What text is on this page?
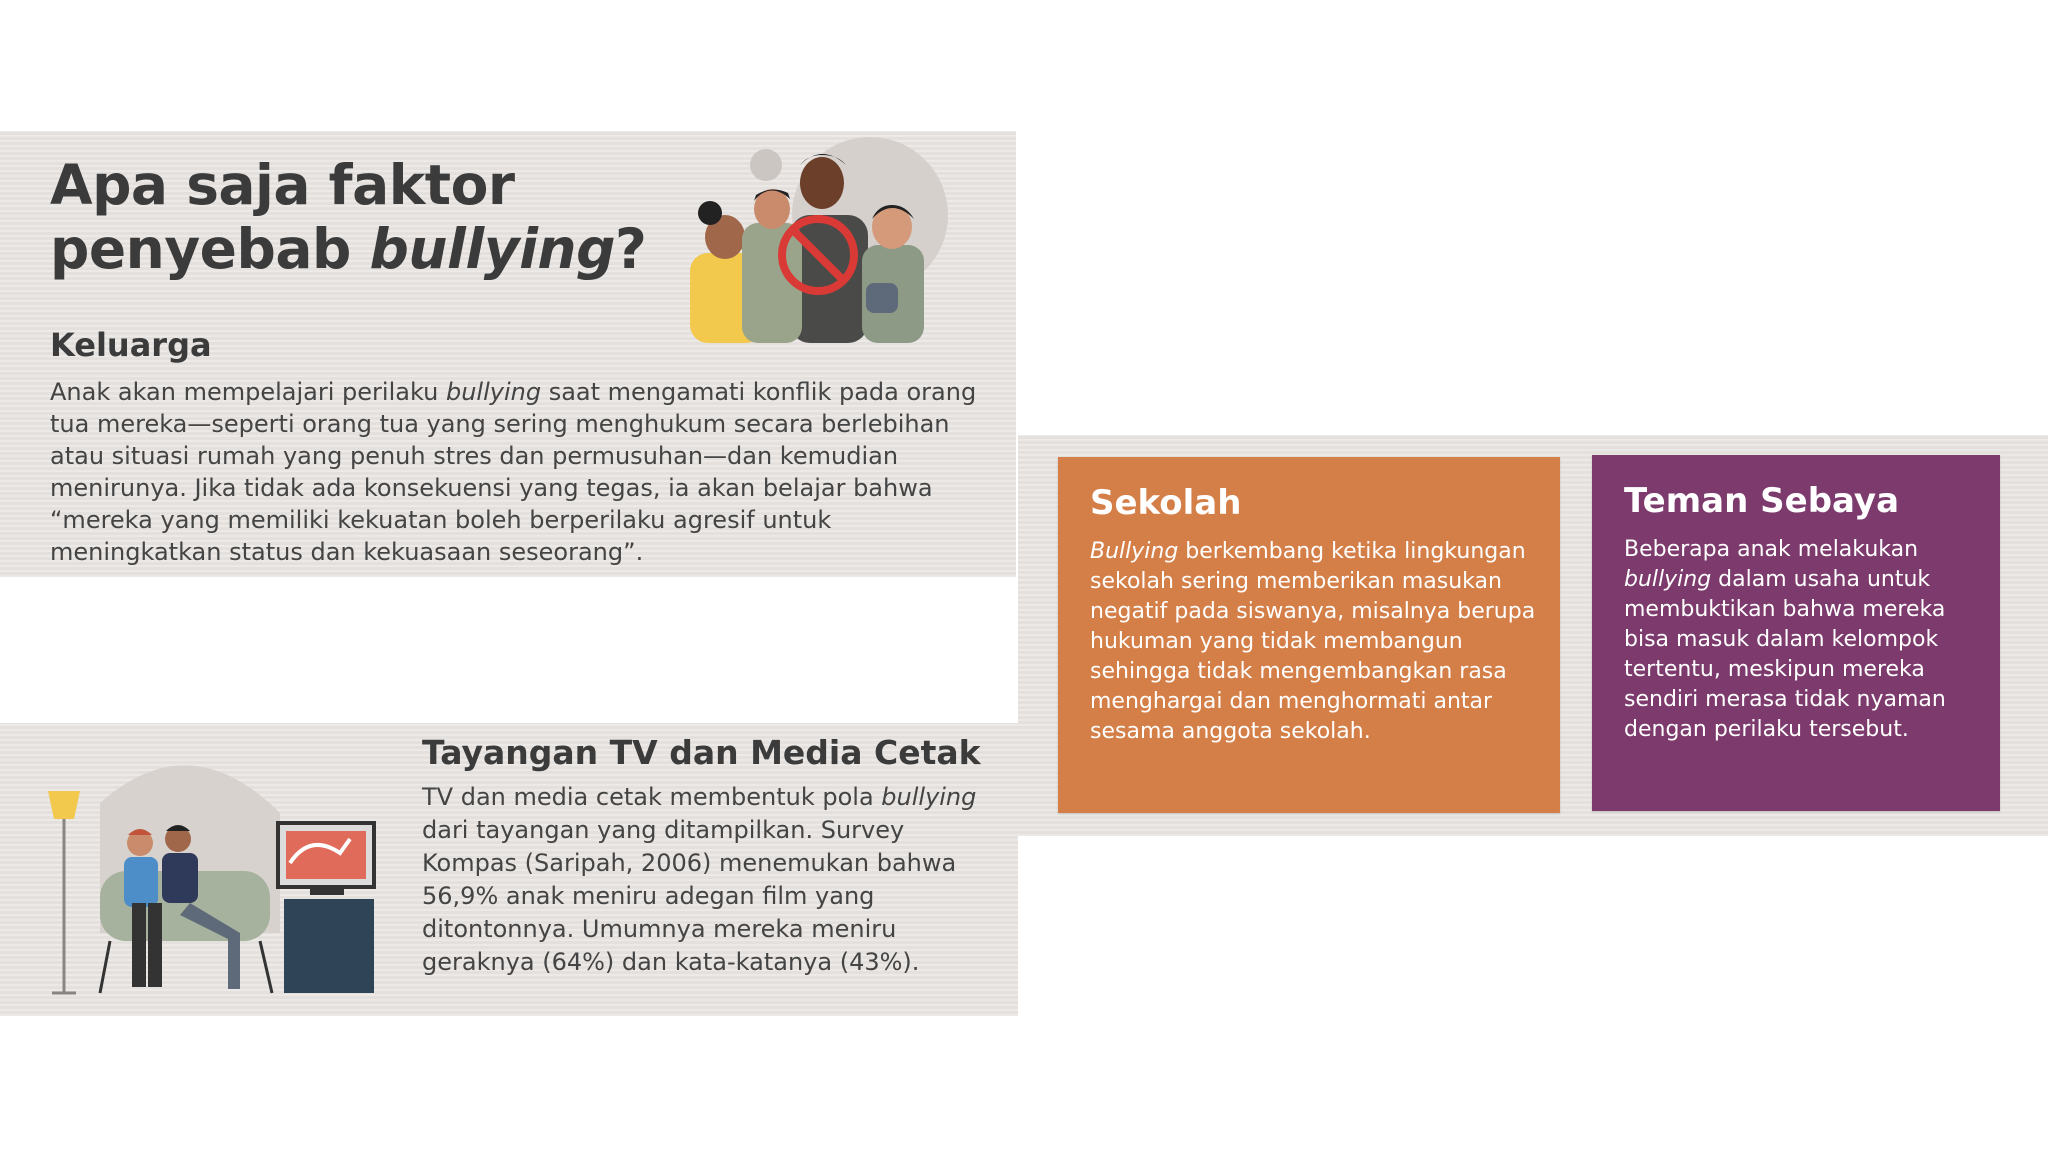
Apa saja faktor
penyebab bullying?
Keluarga

Anak akan mempelajari perilaku bullying saat mengamati konflik pada orang tua mereka—seperti orang tua yang sering menghukum secara berlebihan atau situasi rumah yang penuh stres dan permusuhan—dan kemudian menirunya. Jika tidak ada konsekuensi yang tegas, ia akan belajar bahwa “mereka yang memiliki kekuatan boleh berperilaku agresif untuk meningkatkan status dan kekuasaan seseorang”.

Tayangan TV dan Media Cetak

TV dan media cetak membentuk pola bullying dari tayangan yang ditampilkan. Survey Kompas (Saripah, 2006) menemukan bahwa 56,9% anak meniru adegan film yang ditontonnya. Umumnya mereka meniru geraknya (64%) dan kata-katanya (43%).

Sekolah

Bullying berkembang ketika lingkungan sekolah sering memberikan masukan negatif pada siswanya, misalnya berupa hukuman yang tidak membangun sehingga tidak mengembangkan rasa menghargai dan menghormati antar sesama anggota sekolah.

Teman Sebaya

Beberapa anak melakukan bullying dalam usaha untuk membuktikan bahwa mereka bisa masuk dalam kelompok tertentu, meskipun mereka sendiri merasa tidak nyaman dengan perilaku tersebut.
